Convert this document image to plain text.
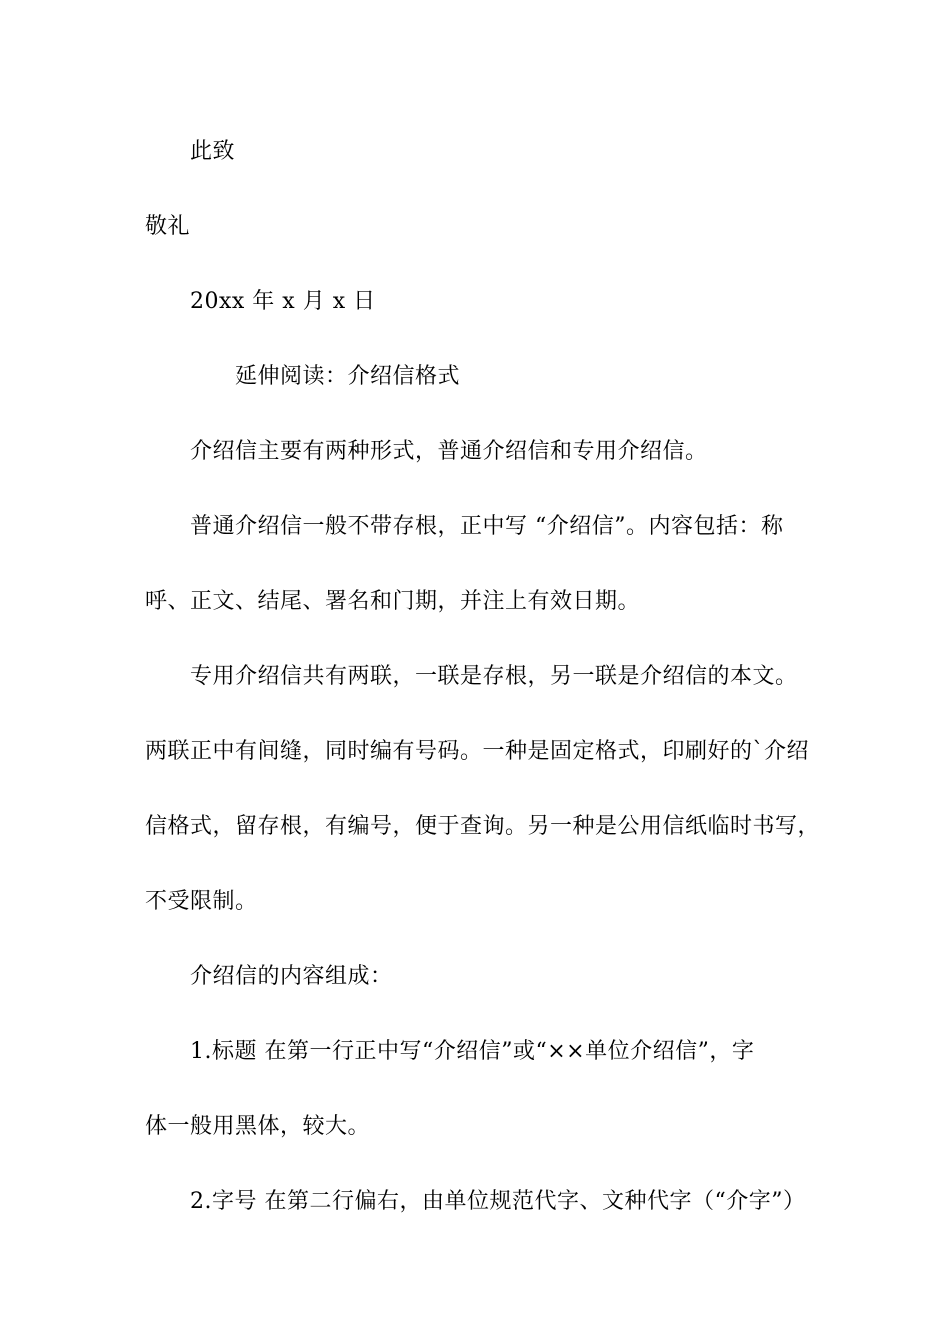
此致
敬礼
20xx 年 x 月 x 日
延伸阅读：介绍信格式
介绍信主要有两种形式，普通介绍信和专用介绍信。
普通介绍信一般不带存根，正中写 “介绍信”。内容包括：称
呼、正文、结尾、署名和门期，并注上有效日期。
专用介绍信共有两联，一联是存根，另一联是介绍信的本文。
两联正中有间缝，同时编有号码。一种是固定格式，印刷好的`介绍
信格式，留存根，有编号，便于查询。另一种是公用信纸临时书写，
不受限制。
介绍信的内容组成：
1.标题 在第一行正中写“介绍信”或“××单位介绍信”，字
体一般用黑体，较大。
2.字号 在第二行偏右，由单位规范代字、文种代字（“介字”）
